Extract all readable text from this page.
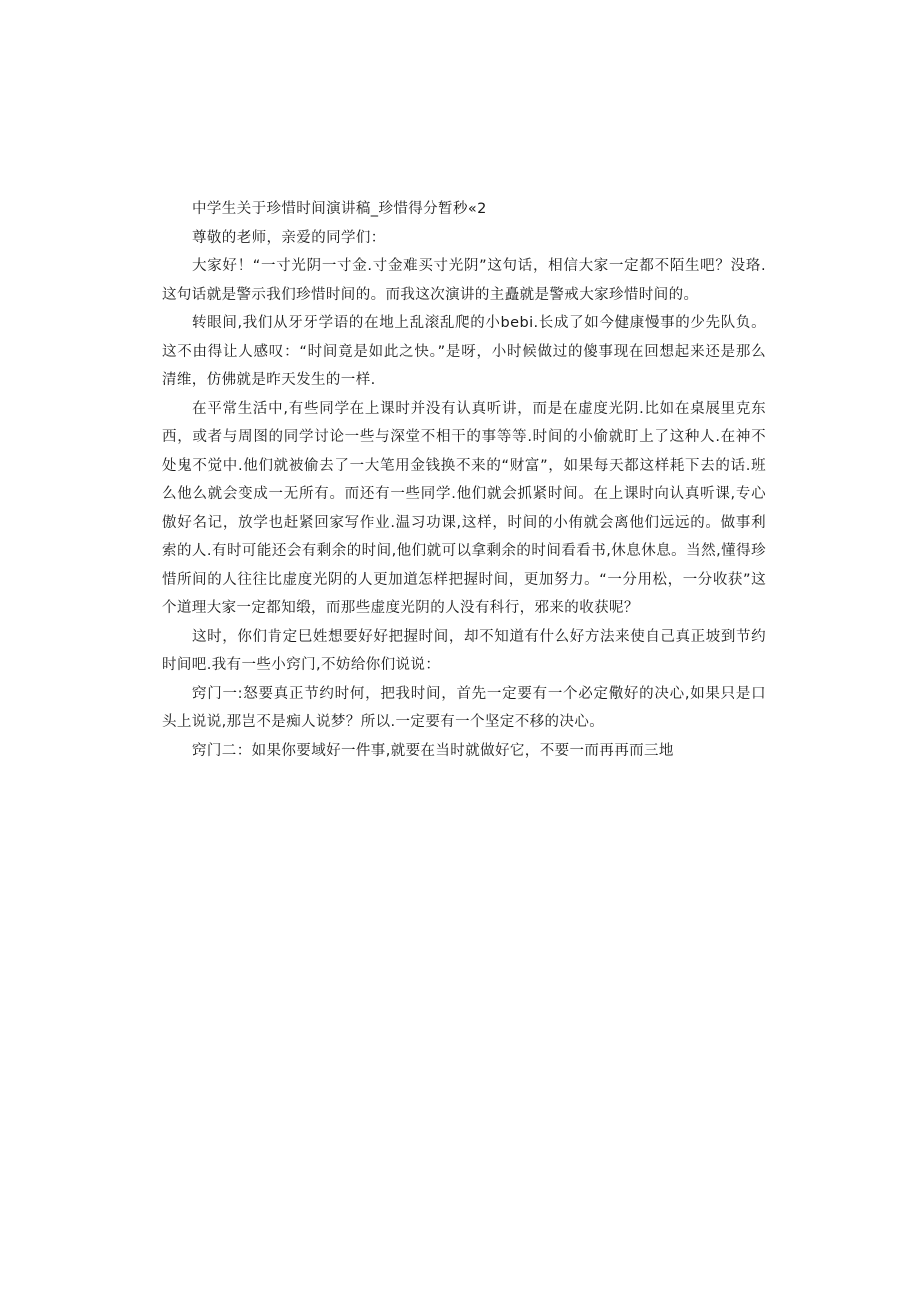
中学生关于珍惜时间演讲稿_珍惜得分暂秒«2

尊敬的老师，亲爱的同学们：

大家好！“一寸光阴一寸金.寸金难买寸光阴”这句话，相信大家一定都不陌生吧？没珞.这句话就是警示我们珍惜时间的。而我这次演讲的主矗就是警戒大家珍惜时间的。

转眼间,我们从牙牙学语的在地上乱滚乱爬的小bebi.长成了如今健康慢事的少先队负。这不由得让人感叹：“时间竟是如此之快。”是呀，小时候做过的傻事现在回想起来还是那么清维，仿佛就是昨天发生的一样.

在平常生活中,有些同学在上课时并没有认真听讲，而是在虚度光阴.比如在桌展里克东西，或者与周图的同学讨论一些与深堂不相干的事等等.时间的小偷就盯上了这种人.在神不处鬼不觉中.他们就被偷去了一大笔用金钱换不来的“财富”，如果每天都这样耗下去的话.班么他么就会变成一无所有。而还有一些同学.他们就会抓紧时间。在上课时向认真听课,专心傲好名记，放学也赶紧回家写作业.温习功课,这样，时间的小侑就会离他们远远的。做事利索的人.有时可能还会有剩余的时间,他们就可以拿剩余的时间看看书,休息休息。当然,懂得珍惜所间的人往往比虚度光阴的人更加道怎样把握时间，更加努力。“一分用松，一分收获”这个道理大家一定都知缎，而那些虚度光阴的人没有科行，邪来的收获呢？

这时，你们肯定巳姓想要好好把握时间，却不知道有什么好方法来使自己真正坡到节约时间吧.我有一些小窍门,不妨给你们说说：

窍门一:怒要真正节约时何，把我时间，首先一定要有一个必定儆好的决心,如果只是口头上说说,那岂不是痴人说梦？所以.一定要有一个坚定不移的决心。

窍门二：如果你要域好一件事,就要在当时就做好它，不要一而再再而三地
